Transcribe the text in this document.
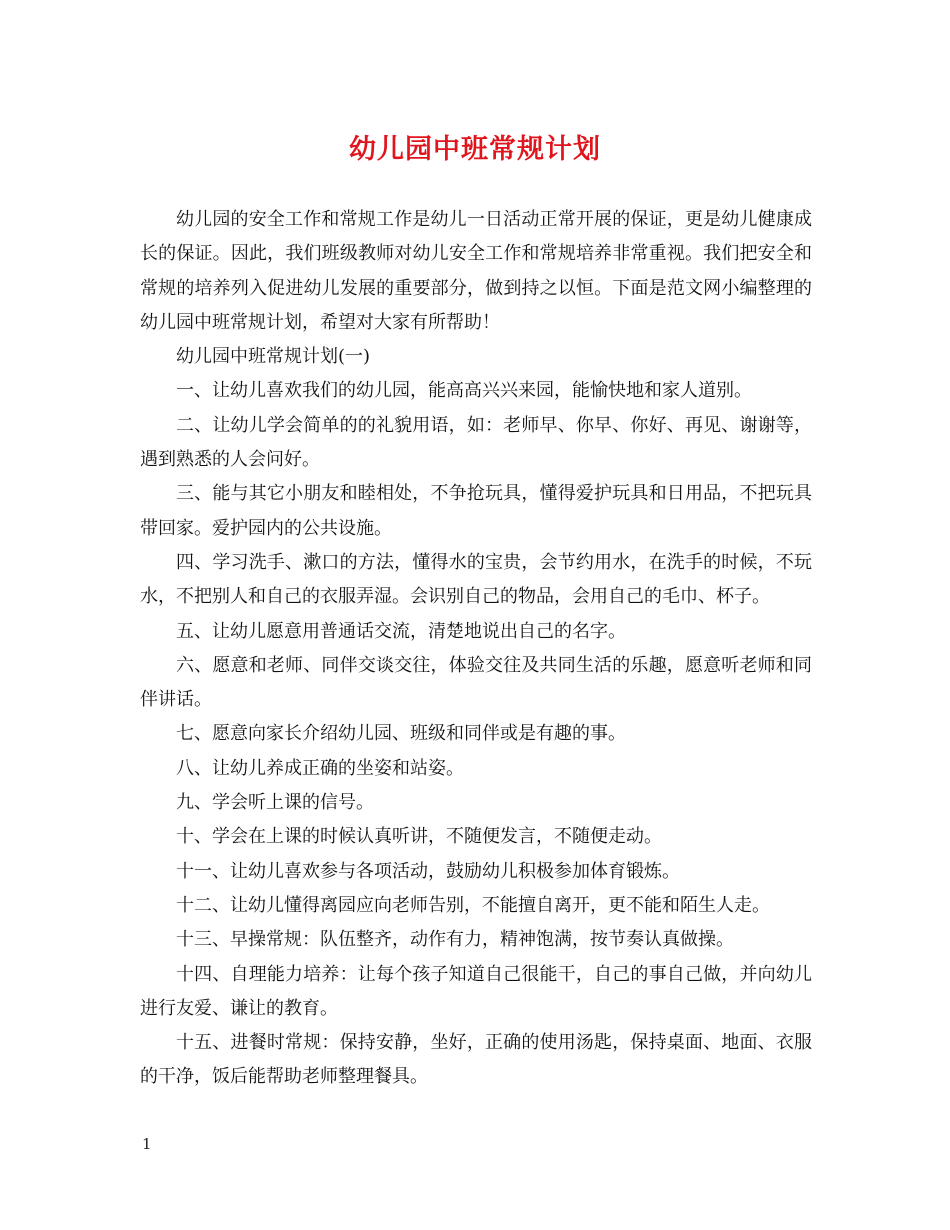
幼儿园中班常规计划

幼儿园的安全工作和常规工作是幼儿一日活动正常开展的保证，更是幼儿健康成长的保证。因此，我们班级教师对幼儿安全工作和常规培养非常重视。我们把安全和常规的培养列入促进幼儿发展的重要部分，做到持之以恒。下面是范文网小编整理的幼儿园中班常规计划，希望对大家有所帮助！

幼儿园中班常规计划(一)

一、让幼儿喜欢我们的幼儿园，能高高兴兴来园，能愉快地和家人道别。

二、让幼儿学会简单的的礼貌用语，如：老师早、你早、你好、再见、谢谢等，遇到熟悉的人会问好。

三、能与其它小朋友和睦相处，不争抢玩具，懂得爱护玩具和日用品，不把玩具带回家。爱护园内的公共设施。

四、学习洗手、漱口的方法，懂得水的宝贵，会节约用水，在洗手的时候，不玩水，不把别人和自己的衣服弄湿。会识别自己的物品，会用自己的毛巾、杯子。

五、让幼儿愿意用普通话交流，清楚地说出自己的名字。

六、愿意和老师、同伴交谈交往，体验交往及共同生活的乐趣，愿意听老师和同伴讲话。

七、愿意向家长介绍幼儿园、班级和同伴或是有趣的事。

八、让幼儿养成正确的坐姿和站姿。

九、学会听上课的信号。

十、学会在上课的时候认真听讲，不随便发言，不随便走动。

十一、让幼儿喜欢参与各项活动，鼓励幼儿积极参加体育锻炼。

十二、让幼儿懂得离园应向老师告别，不能擅自离开，更不能和陌生人走。

十三、早操常规：队伍整齐，动作有力，精神饱满，按节奏认真做操。

十四、自理能力培养：让每个孩子知道自己很能干，自己的事自己做，并向幼儿进行友爱、谦让的教育。

十五、进餐时常规：保持安静，坐好，正确的使用汤匙，保持桌面、地面、衣服的干净，饭后能帮助老师整理餐具。

1
